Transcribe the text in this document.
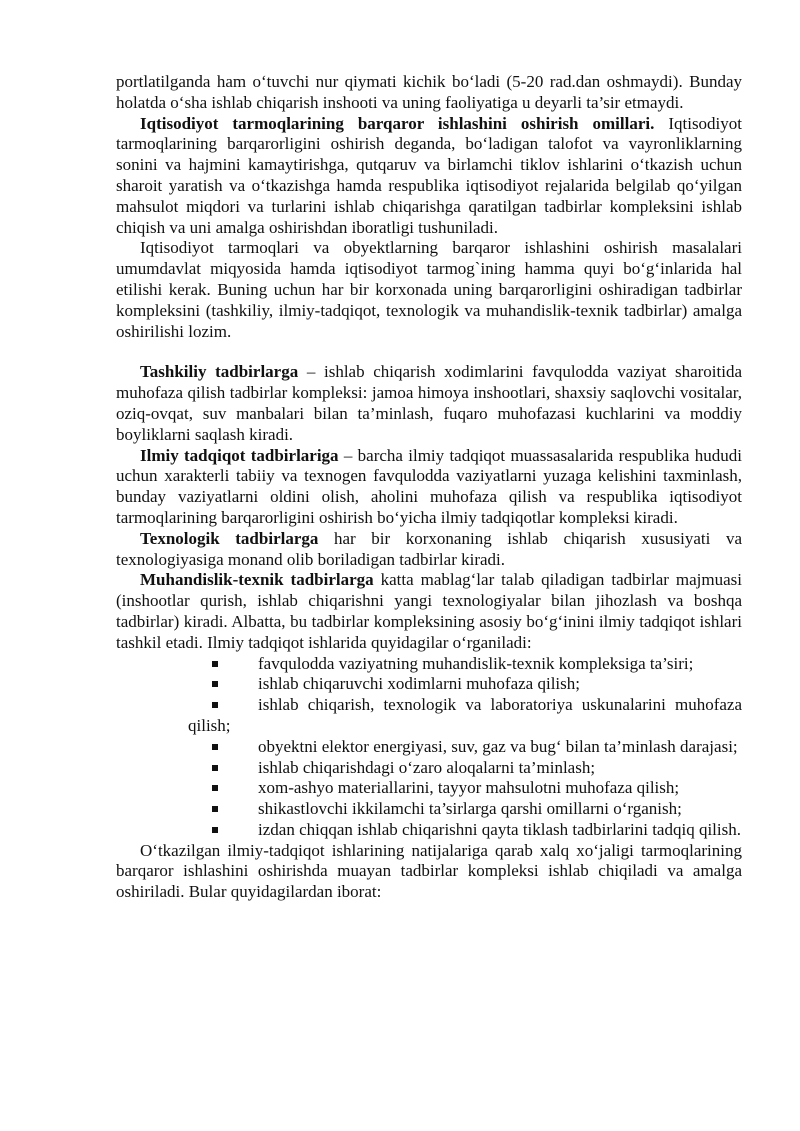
portlatilganda ham o‘tuvchi nur qiymati kichik bo‘ladi (5-20 rad.dan oshmaydi). Bunday holatda o‘sha ishlab chiqarish inshooti va uning faoliyatiga u deyarli ta’sir etmaydi.

Iqtisodiyot tarmoqlarining barqaror ishlashini oshirish omillari. Iqtisodiyot tarmoqlarining barqarorligini oshirish deganda, bo‘ladigan talofot va vayronliklarning sonini va hajmini kamaytirishga, qutqaruv va birlamchi tiklov ishlarini o‘tkazish uchun sharoit yaratish va o‘tkazishga hamda respublika iqtisodiyot rejalarida belgilab qo‘yilgan mahsulot miqdori va turlarini ishlab chiqarishga qaratilgan tadbirlar kompleksini ishlab chiqish va uni amalga oshirishdan iboratligi tushuniladi.

Iqtisodiyot tarmoqlari va obyektlarning barqaror ishlashini oshirish masalalari umumdavlat miqyosida hamda iqtisodiyot tarmog`ining hamma quyi bo‘g‘inlarida hal etilishi kerak. Buning uchun har bir korxonada uning barqarorligini oshiradigan tadbirlar kompleksini (tashkiliy, ilmiy-tadqiqot, texnologik va muhandislik-texnik tadbirlar) amalga oshirilishi lozim.

Tashkiliy tadbirlarga – ishlab chiqarish xodimlarini favqulodda vaziyat sharoitida muhofaza qilish tadbirlar kompleksi: jamoa himoya inshootlari, shaxsiy saqlovchi vositalar, oziq-ovqat, suv manbalari bilan ta’minlash, fuqaro muhofazasi kuchlarini va moddiy boyliklarni saqlash kiradi.

Ilmiy tadqiqot tadbirlariga – barcha ilmiy tadqiqot muassasalarida respublika hududi uchun xarakterli tabiiy va texnogen favqulodda vaziyatlarni yuzaga kelishini taxminlash, bunday vaziyatlarni oldini olish, aholini muhofaza qilish va respublika iqtisodiyot tarmoqlarining barqarorligini oshirish bo‘yicha ilmiy tadqiqotlar kompleksi kiradi.

Texnologik tadbirlarga har bir korxonaning ishlab chiqarish xususiyati va texnologiyasiga monand olib boriladigan tadbirlar kiradi.

Muhandislik-texnik tadbirlarga katta mablag‘lar talab qiladigan tadbirlar majmuasi (inshootlar qurish, ishlab chiqarishni yangi texnologiyalar bilan jihozlash va boshqa tadbirlar) kiradi. Albatta, bu tadbirlar kompleksining asosiy bo‘g‘inini ilmiy tadqiqot ishlari tashkil etadi. Ilmiy tadqiqot ishlarida quyidagilar o‘rganiladi:

favqulodda vaziyatning muhandislik-texnik kompleksiga ta’siri;
ishlab chiqaruvchi xodimlarni muhofaza qilish;
ishlab chiqarish, texnologik va laboratoriya uskunalarini muhofaza qilish;
obyektni elektor energiyasi, suv, gaz va bug‘ bilan ta’minlash darajasi;
ishlab chiqarishdagi o‘zaro aloqalarni ta’minlash;
xom-ashyo materiallarini, tayyor mahsulotni muhofaza qilish;
shikastlovchi ikkilamchi ta’sirlarga qarshi omillarni o‘rganish;
izdan chiqqan ishlab chiqarishni qayta tiklash tadbirlarini tadqiq qilish.

O‘tkazilgan ilmiy-tadqiqot ishlarining natijalariga qarab xalq xo‘jaligi tarmoqlarining barqaror ishlashini oshirishda muayan tadbirlar kompleksi ishlab chiqiladi va amalga oshiriladi. Bular quyidagilardan iborat:
